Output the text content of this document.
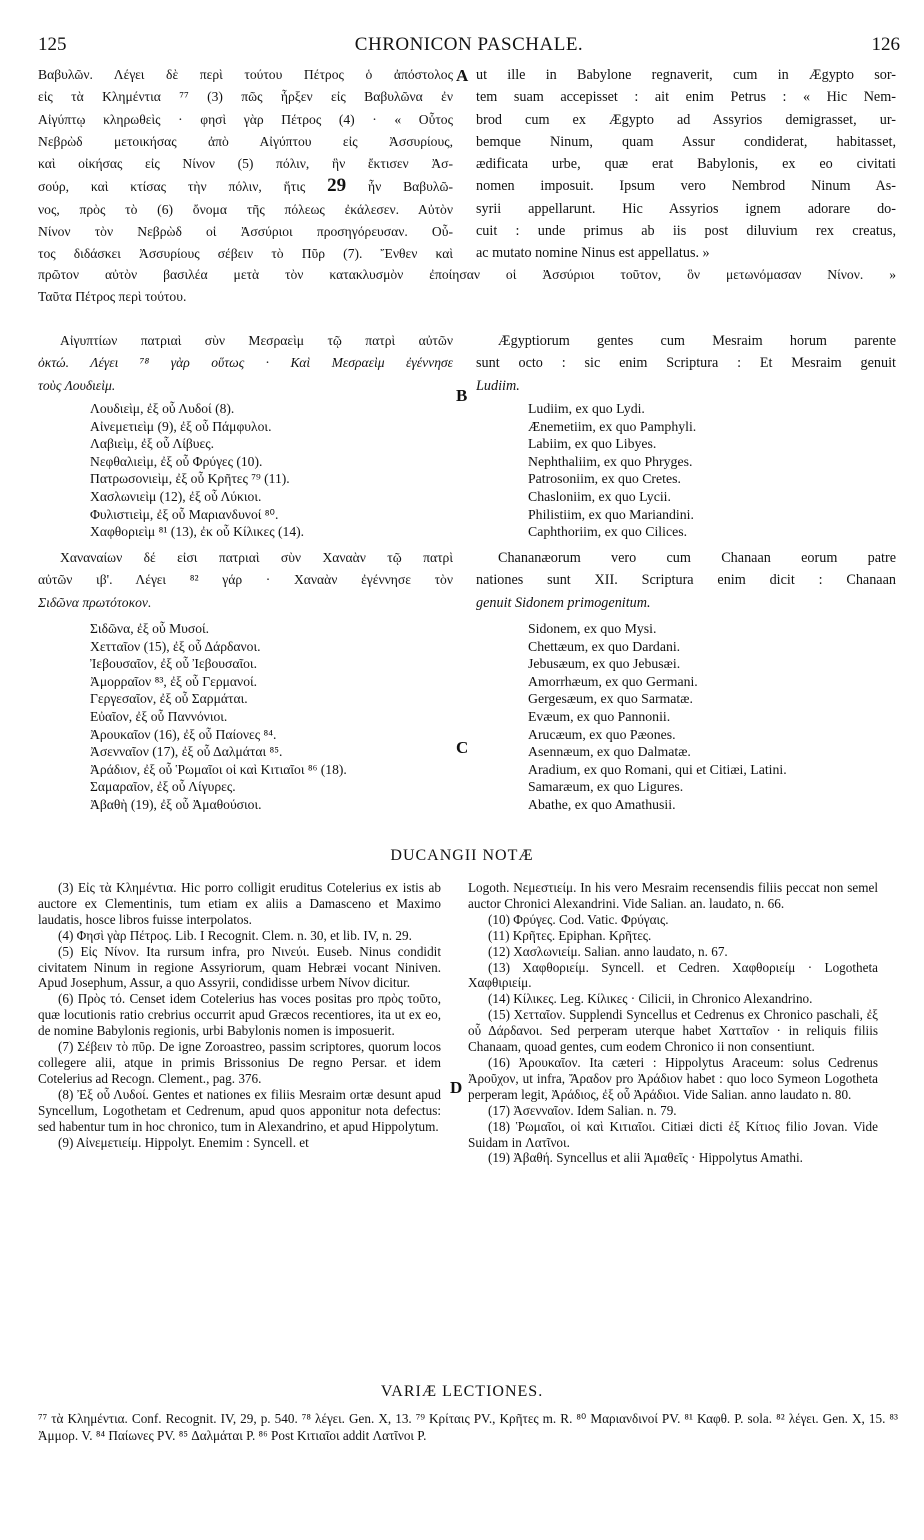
125	CHRONICON PASCHALE.	126
Βαβυλῶν. Λέγει δὲ περὶ τούτου Πέτρος ὁ ἀπόστολος
εἰς τὰ Κλημέντια ⁷⁷ (3) πῶς ἦρξεν εἰς Βαβυλῶνα ἐν
Αἰγύπτῳ κληρωθεὶς · φησὶ γὰρ Πέτρος (4) · « Οὗτος
Νεβρὼδ μετοικήσας ἀπὸ Αἰγύπτου εἰς Ἀσσυρίους,
καὶ οἰκήσας εἰς Νίνον (5) πόλιν, ἣν ἔκτισεν Ἀσ-
σούρ, καὶ κτίσας τὴν πόλιν, ἥτις 29 ἦν Βαβυλῶ-
νος, πρὸς τὸ (6) ὄνομα τῆς πόλεως ἐκάλεσεν. Αὐτὸν
Νίνον τὸν Νεβρὼδ οἱ Ἀσσύριοι προσηγόρευσαν. Οὗ-
τος διδάσκει Ἀσσυρίους σέβειν τὸ Πῦρ (7). Ἔνθεν καὶ
A ut ille in Babylone regnaverit, cum in Ægypto sor-
tem suam accepisset : ait enim Petrus : « Hic Nem-
brod cum ex Ægypto ad Assyrios demigrasset, ur-
bemque Ninum, quam Assur condiderat, habitasset,
ædificata urbe, quæ erat Babylonis, ex eo civitati
nomen imposuit. Ipsum vero Nembrod Ninum As-
syrii appellarunt. Hic Assyrios ignem adorare do-
cuit : unde primus ab iis post diluvium rex creatus,
ac mutato nomine Ninus est appellatus. »
πρῶτον αὐτὸν βασιλέα μετὰ τὸν κατακλυσμὸν ἐποίησαν οἱ Ἀσσύριοι τοῦτον, ὃν μετωνόμασαν Νίνον. »
Ταῦτα Πέτρος περὶ τούτου.
Αἰγυπτίων πατριαὶ σὺν Μεσραεὶμ τῷ πατρὶ αὐτῶν
ὀκτώ. Λέγει ⁷⁸ γὰρ οὕτως · Καὶ Μεσραεὶμ ἐγέννησε
τοὺς Λουδιεὶμ.
Ægyptiorum gentes cum Mesraim horum parente
sunt octo : sic enim Scriptura : Et Mesraim genuit
Ludiim.
B
Λουδιεὶμ, ἐξ οὗ Λυδοί (8).
Αἰνεμετιεὶμ (9), ἐξ οὗ Πάμφυλοι.
Λαβιεὶμ, ἐξ οὗ Λίβυες.
Νεφθαλιεὶμ, ἐξ οὗ Φρύγες (10).
Πατρωσονιεὶμ, ἐξ οὗ Κρῆτες ⁷⁹ (11).
Χασλωνιεὶμ (12), ἐξ οὗ Λύκιοι.
Φυλιστιεὶμ, ἐξ οὗ Μαριανδυνοί ⁸⁰.
Χαφθοριεὶμ ⁸¹ (13), ἐκ οὗ Κίλικες (14).
Ludiim, ex quo Lydi.
Ænemetiim, ex quo Pamphyli.
Labiim, ex quo Libyes.
Nephthaliim, ex quo Phryges.
Patrosoniim, ex quo Cretes.
Chasloniim, ex quo Lycii.
Philistiim, ex quo Mariandini.
Caphthoriim, ex quo Cilices.
Χαναναίων δέ εἰσι πατριαὶ σὺν Χαναὰν τῷ πατρὶ
αὐτῶν ιβ'. Λέγει ⁸² γάρ · Χαναὰν ἐγέννησε τὸν
Σιδῶνα πρωτότοκον.
Chananæorum vero cum Chanaan eorum patre
nationes sunt XII. Scriptura enim dicit : Chanaan
genuit Sidonem primogenitum.
Σιδῶνα, ἐξ οὗ Μυσοί.
Χετταῖον (15), ἐξ οὗ Δάρδανοι.
Ἰεβουσαῖον, ἐξ οὗ Ἰεβουσαῖοι.
Ἀμορραῖον ⁸³, ἐξ οὗ Γερμανοί.
Γεργεσαῖον, ἐξ οὗ Σαρμάται.
Εὐαῖον, ἐξ οὗ Παννόνιοι.
Ἀρουκαῖον (16), ἐξ οὗ Παίονες ⁸⁴.
Ἀσενναῖον (17), ἐξ οὗ Δαλμάται ⁸⁵.
Ἀράδιον, ἐξ οὗ Ῥωμαῖοι οἱ καὶ Κιτιαῖοι ⁸⁶ (18).
Σαμαραῖον, ἐξ οὗ Λίγυρες.
Ἀβαθὴ (19), ἐξ οὗ Ἀμαθούσιοι.
C
Sidonem, ex quo Mysi.
Chettæum, ex quo Dardani.
Jebusæum, ex quo Jebusæi.
Amorrhæum, ex quo Germani.
Gergesæum, ex quo Sarmatæ.
Evæum, ex quo Pannonii.
Arucæum, ex quo Pæones.
Asennæum, ex quo Dalmatæ.
Aradium, ex quo Romani, qui et Citiæi, Latini.
Samaræum, ex quo Ligures.
Abathe, ex quo Amathusii.
DUCANGII NOTÆ
(3) Εἰς τὰ Κλημέντια. Hic porro colligit eruditus Cotelerius ex istis ab auctore ex Clementinis, tum etiam ex aliis a Damasceno et Maximo laudatis, hosce libros fuisse interpolatos.
(4) Φησὶ γὰρ Πέτρος. Lib. I Recognit. Clem. n. 30, et lib. IV, n. 29.
(5) Εἰς Νίνον. Ita rursum infra, pro Νινεύι. Euseb. Ninus condidit civitatem Ninum in regione Assyriorum, quam Hebræi vocant Niniven. Apud Josephum, Assur, a quo Assyrii, condidisse urbem Νίνον dicitur.
(6) Πρὸς τό. Censet idem Cotelerius has voces positas pro πρὸς τοῦτο, quæ locutionis ratio crebrius occurrit apud Græcos recentiores, ita ut ex eo, de nomine Babylonis regionis, urbi Babylonis nomen is imposuerit.
(7) Σέβειν τὸ πῦρ. De igne Zoroastreo, passim scriptores, quorum locos collegere alii, atque in primis Brissonius De regno Persar. et idem Cotelerius ad Recogn. Clement., pag. 376.
(8) Ἐξ οὗ Λυδοί. Gentes et nationes ex filiis Mesraim ortæ desunt apud Syncellum, Logothetam et Cedrenum, apud quos apponitur nota defectus: sed habentur tum in hoc chronico, tum in Alexandrino, et apud Hippolytum.
(9) Αἰνεμετιείμ. Hippolyt. Enemim : Syncell. et
D
Logoth. Νεμεστιείμ. In his vero Mesraim recensendis filiis peccat non semel auctor Chronici Alexandrini. Vide Salian. an. laudato, n. 66.
(10) Φρύγες. Cod. Vatic. Φρύγαις.
(11) Κρῆτες. Epiphan. Κρῆτες.
(12) Χασλωνιείμ. Salian. anno laudato, n. 67.
(13) Χαφθοριείμ. Syncell. et Cedren. Χαφθοριείμ · Logotheta Χαφθιριείμ.
(14) Κίλικες. Leg. Κίλικες · Cilicii, in Chronico Alexandrino.
(15) Χετταῖον. Supplendi Syncellus et Cedrenus ex Chronico paschali, ἐξ οὗ Δάρδανοι. Sed perperam uterque habet Χατταῖον · in reliquis filiis Chanaam, quoad gentes, cum eodem Chronico ii non consentiunt.
(16) Ἀρουκαῖον. Ita cæteri : Hippolytus Araceum: solus Cedrenus Ἀροῦχον, ut infra, Ἄραδον pro Ἀράδιον habet : quo loco Symeon Logotheta perperam legit, Ἀράδιος, ἐξ οὗ Ἀράδιοι. Vide Salian. anno laudato n. 80.
(17) Ἀσενναῖον. Idem Salian. n. 79.
(18) Ῥωμαῖοι, οἱ καὶ Κιτιαῖοι. Citiæi dicti ἐξ Κίτιος filio Jovan. Vide Suidam in Λατῖνοι.
(19) Ἀβαθή. Syncellus et alii Ἀμαθεῖς · Hippolytus Amathi.
VARIÆ LECTIONES.
⁷⁷ τὰ Κλημέντια. Conf. Recognit. IV, 29, p. 540. ⁷⁸ λέγει. Gen. X, 13. ⁷⁹ Κρίταις PV., Κρῆτες m. R. ⁸⁰ Μαριανδινοί PV. ⁸¹ Καφθ. P. sola. ⁸² λέγει. Gen. X, 15. ⁸³ Ἀμμορ. V. ⁸⁴ Παίωνες PV. ⁸⁵ Δαλμάται P. ⁸⁶ Post Κιτιαῖοι addit Λατῖνοι P.
